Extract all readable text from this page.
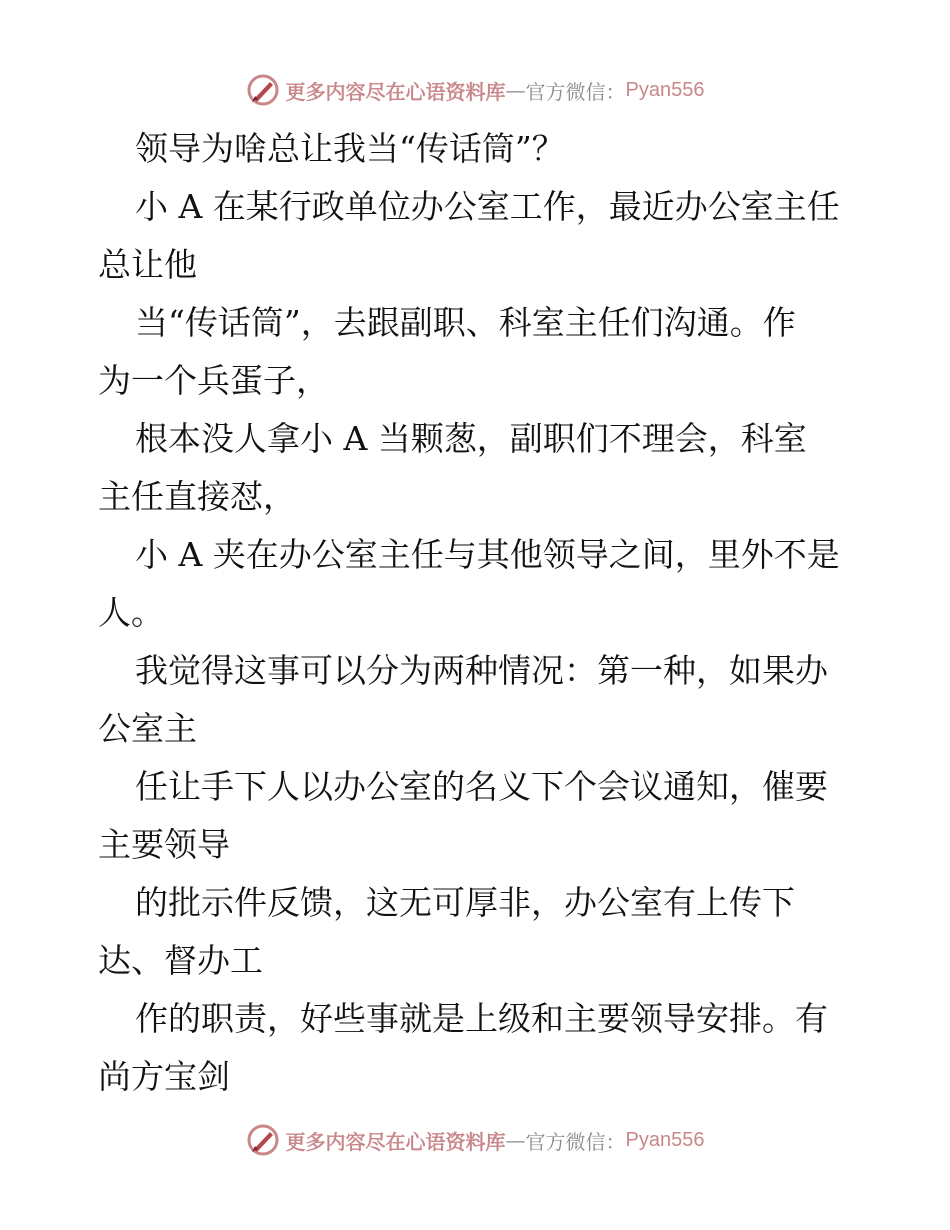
更多内容尽在心语资料库 — 官方微信： Pyan556
领导为啥总让我当“传话筒”？
小 A 在某行政单位办公室工作，最近办公室主任
总让他
当“传话筒”，去跟副职、科室主任们沟通。作
为一个兵蛋子，
根本没人拿小 A 当颗葱，副职们不理会，科室
主任直接怼，
小 A 夹在办公室主任与其他领导之间，里外不是
人。
我觉得这事可以分为两种情况：第一种，如果办
公室主
任让手下人以办公室的名义下个会议通知，催要
主要领导
的批示件反馈，这无可厚非，办公室有上传下
达、督办工
作的职责，好些事就是上级和主要领导安排。有
尚方宝剑
更多内容尽在心语资料库 — 官方微信： Pyan556
